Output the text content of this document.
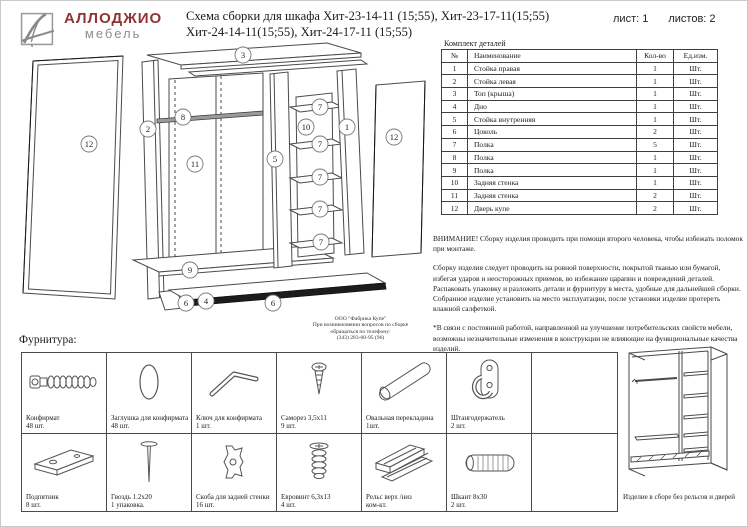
АЛЛОДЖИО
мебель
Схема сборки для шкафа Хит-23-14-11 (15;55), Хит-23-17-11(15;55)
Хит-24-14-11(15;55), Хит-24-17-11 (15;55)
лист: 1 листов: 2
12
2
8
11
3
5
7
10
7
1
12
7
7
7
9
6 4	6
Комплект деталей
№	Наименование	Кол-во	Ед.изм.
1	Стойка правая	1	Шт.
2	Стойка левая	1	Шт.
3	Топ (крыша)	1	Шт.
4	Дно	1	Шт.
5	Стойка внутренняя	1	Шт.
6	Цоколь	2	Шт.
7	Полка	5	Шт.
8	Полка	1	Шт.
9	Полка	1	Шт.
10	Задняя стенка	1	Шт.
11	Задняя стенка	2	Шт.
12	Дверь купе	2	Шт.

ВНИМАНИЕ! Сборку изделия проводить при помощи второго человека, чтобы избежать поломок при монтаже.

Сборку изделия следует проводить на ровной поверхности, покрытой тканью или бумагой, избегая ударов и неосторожных приемов, во избежание царапин и повреждений деталей.
Распаковать упаковку и разложить детали и фурнитуру в места, удобные для дальнейшей сборки.
Собранное изделие установить на место эксплуатации, после установки изделие протереть влажной салфеткой.

*В связи с постоянной работой, направленной на улучшение потребительских свойств мебели, возможны незначительные изменения в конструкции не влияющие на функциональные качества изделий.

ООО "Фабрика Купе"
При возникновении вопросов по сборке
обращаться по телефону:
(343) 283-00-95 (96)
Фурнитура:
Конфирмат
48 шт.
Заглушка для конфирмата
48 шт.
Ключ для конфирмата
1 шт.
Саморез 3,5х11
9 шт.
Овальная перекладина
1шт.
Штангодержатель
2 шт.
Подпятник
8 шт.
Гвоздь 1.2х20
1 упаковка.
Скоба для задней стенки
16 шт.
Евровинт 6,3х13
4 шт.
Рельс верх /низ
ком-кт.
Шкант 8х30
2 шт.
Изделие в сборе без рельсов и дверей
